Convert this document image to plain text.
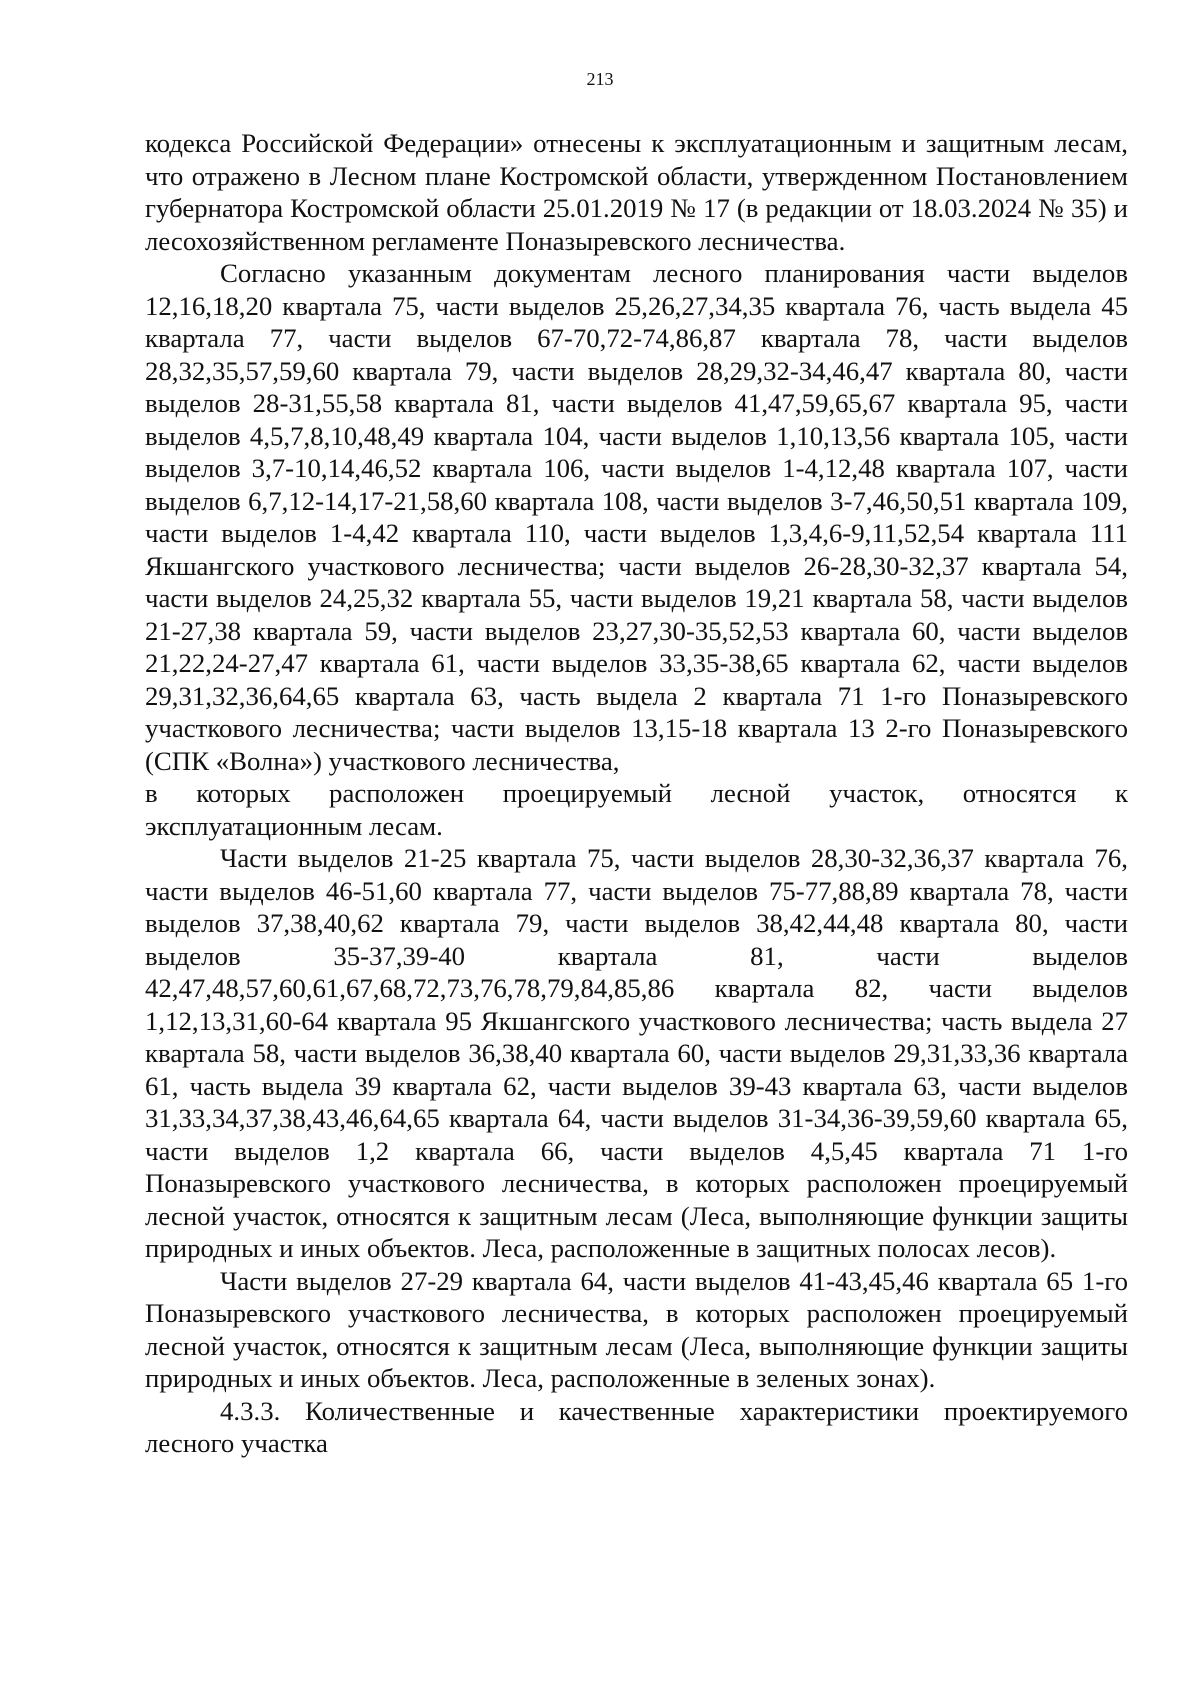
213

кодекса Российской Федерации» отнесены к эксплуатационным и защитным лесам, что отражено в Лесном плане Костромской области, утвержденном Постановлением губернатора Костромской области 25.01.2019 № 17 (в редакции от 18.03.2024 № 35) и лесохозяйственном регламенте Поназыревского лесничества.

Согласно указанным документам лесного планирования части выделов 12,16,18,20 квартала 75, части выделов 25,26,27,34,35 квартала 76, часть выдела 45 квартала 77, части выделов 67-70,72-74,86,87 квартала 78, части выделов 28,32,35,57,59,60 квартала 79, части выделов 28,29,32-34,46,47 квартала 80, части выделов 28-31,55,58 квартала 81, части выделов 41,47,59,65,67 квартала 95, части выделов 4,5,7,8,10,48,49 квартала 104, части выделов 1,10,13,56 квартала 105, части выделов 3,7-10,14,46,52 квартала 106, части выделов 1-4,12,48 квартала 107, части выделов 6,7,12-14,17-21,58,60 квартала 108, части выделов 3-7,46,50,51 квартала 109, части выделов 1-4,42 квартала 110, части выделов 1,3,4,6-9,11,52,54 квартала 111 Якшангского участкового лесничества; части выделов 26-28,30-32,37 квартала 54, части выделов 24,25,32 квартала 55, части выделов 19,21 квартала 58, части выделов 21-27,38 квартала 59, части выделов 23,27,30-35,52,53 квартала 60, части выделов 21,22,24-27,47 квартала 61, части выделов 33,35-38,65 квартала 62, части выделов 29,31,32,36,64,65 квартала 63, часть выдела 2 квартала 71 1-го Поназыревского участкового лесничества; части выделов 13,15-18 квартала 13 2-го Поназыревского (СПК «Волна») участкового лесничества,

в которых расположен проецируемый лесной участок, относятся к эксплуатационным лесам.

Части выделов 21-25 квартала 75, части выделов 28,30-32,36,37 квартала 76, части выделов 46-51,60 квартала 77, части выделов 75-77,88,89 квартала 78, части выделов 37,38,40,62 квартала 79, части выделов 38,42,44,48 квартала 80, части выделов 35-37,39-40 квартала 81, части выделов 42,47,48,57,60,61,67,68,72,73,76,78,79,84,85,86 квартала 82, части выделов 1,12,13,31,60-64 квартала 95 Якшангского участкового лесничества; часть выдела 27 квартала 58, части выделов 36,38,40 квартала 60, части выделов 29,31,33,36 квартала 61, часть выдела 39 квартала 62, части выделов 39-43 квартала 63, части выделов 31,33,34,37,38,43,46,64,65 квартала 64, части выделов 31-34,36-39,59,60 квартала 65, части выделов 1,2 квартала 66, части выделов 4,5,45 квартала 71 1-го Поназыревского участкового лесничества, в которых расположен проецируемый лесной участок, относятся к защитным лесам (Леса, выполняющие функции защиты природных и иных объектов. Леса, расположенные в защитных полосах лесов).

Части выделов 27-29 квартала 64, части выделов 41-43,45,46 квартала 65 1-го Поназыревского участкового лесничества, в которых расположен проецируемый лесной участок, относятся к защитным лесам (Леса, выполняющие функции защиты природных и иных объектов. Леса, расположенные в зеленых зонах).

4.3.3. Количественные и качественные характеристики проектируемого лесного участка
